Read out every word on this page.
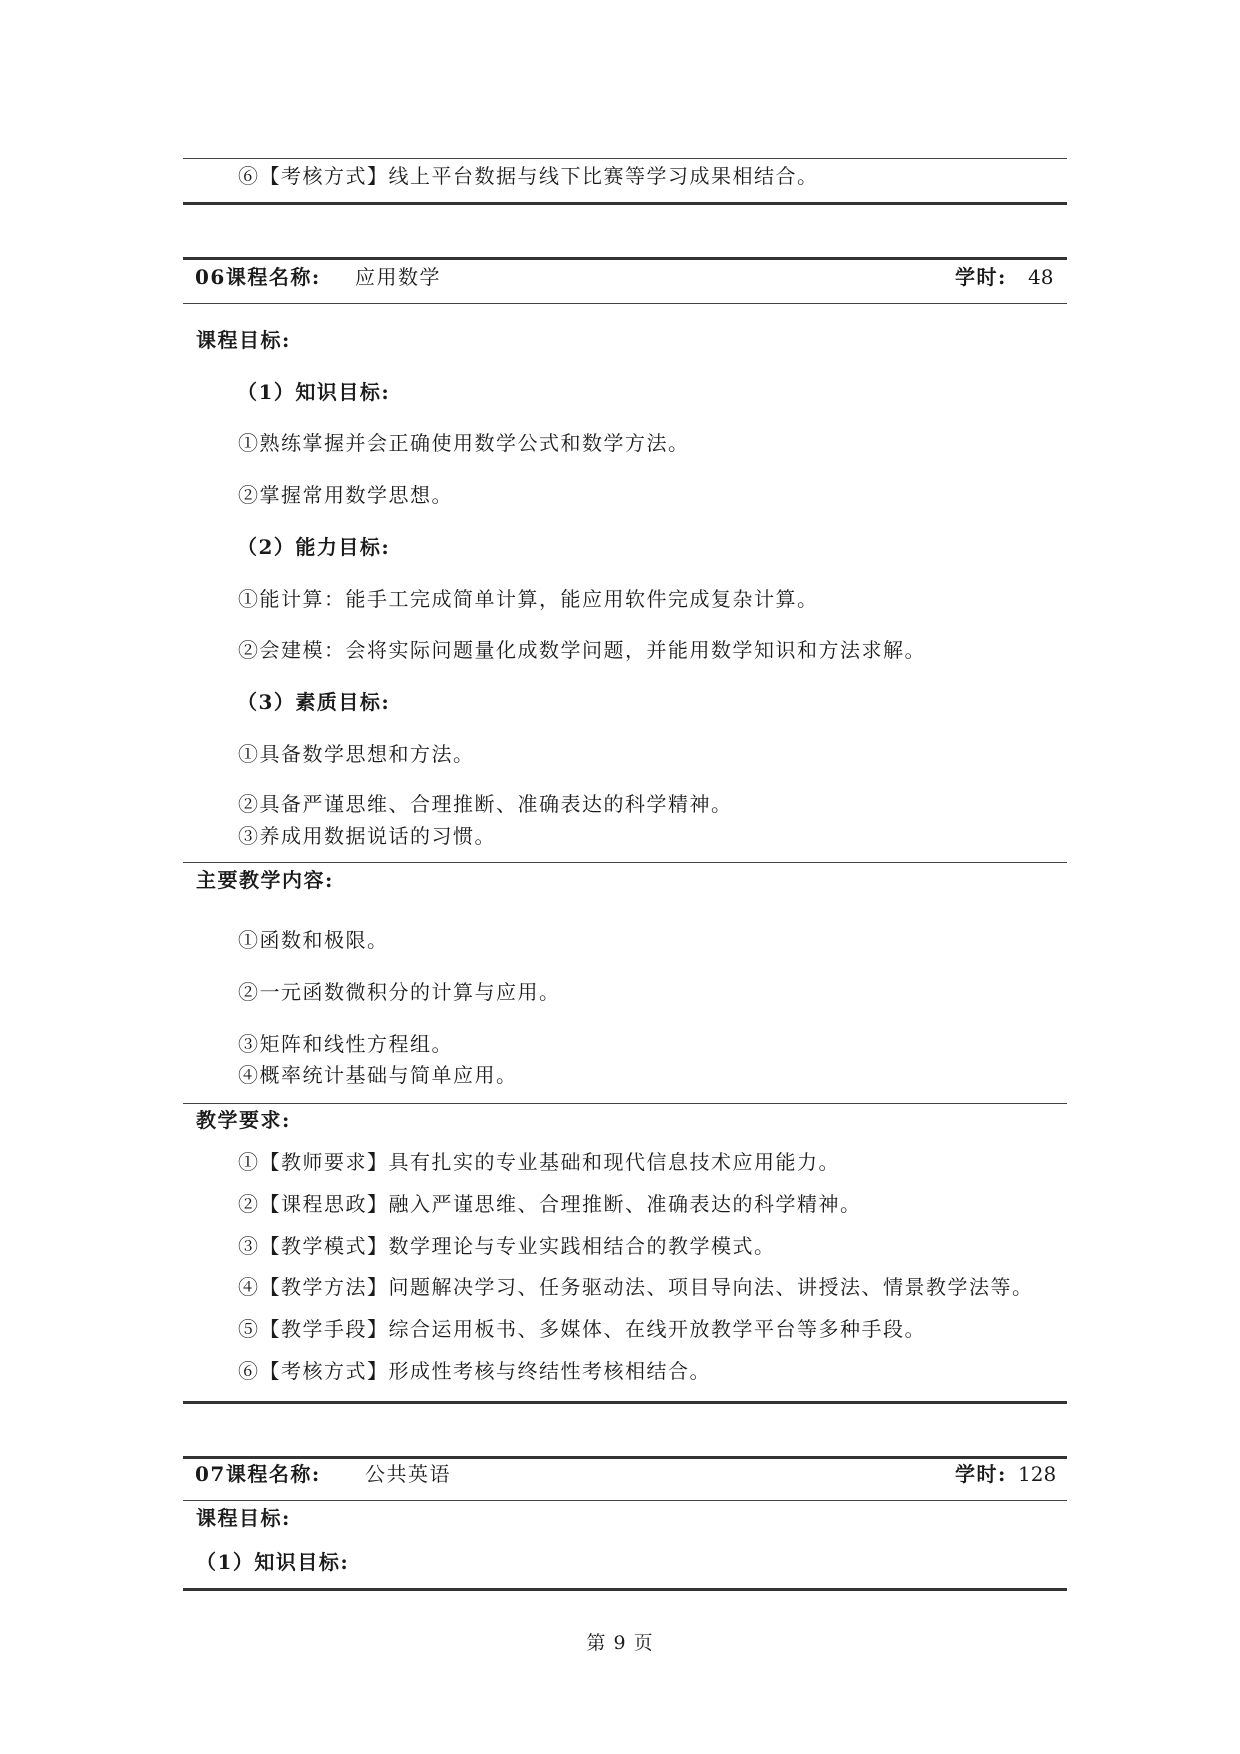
⑥【考核方式】线上平台数据与线下比赛等学习成果相结合。
06课程名称: 应用数学	学时: 48
课程目标:
（1）知识目标:
①熟练掌握并会正确使用数学公式和数学方法。
②掌握常用数学思想。
（2）能力目标:
①能计算：能手工完成简单计算，能应用软件完成复杂计算。
②会建模：会将实际问题量化成数学问题，并能用数学知识和方法求解。
（3）素质目标:
①具备数学思想和方法。
②具备严谨思维、合理推断、准确表达的科学精神。
③养成用数据说话的习惯。
主要教学内容:
①函数和极限。
②一元函数微积分的计算与应用。
③矩阵和线性方程组。
④概率统计基础与简单应用。
教学要求:
①【教师要求】具有扎实的专业基础和现代信息技术应用能力。
②【课程思政】融入严谨思维、合理推断、准确表达的科学精神。
③【教学模式】数学理论与专业实践相结合的教学模式。
④【教学方法】问题解决学习、任务驱动法、项目导向法、讲授法、情景教学法等。
⑤【教学手段】综合运用板书、多媒体、在线开放教学平台等多种手段。
⑥【考核方式】形成性考核与终结性考核相结合。
07课程名称: 公共英语	学时: 128
课程目标:
（1）知识目标:
第 9 页
